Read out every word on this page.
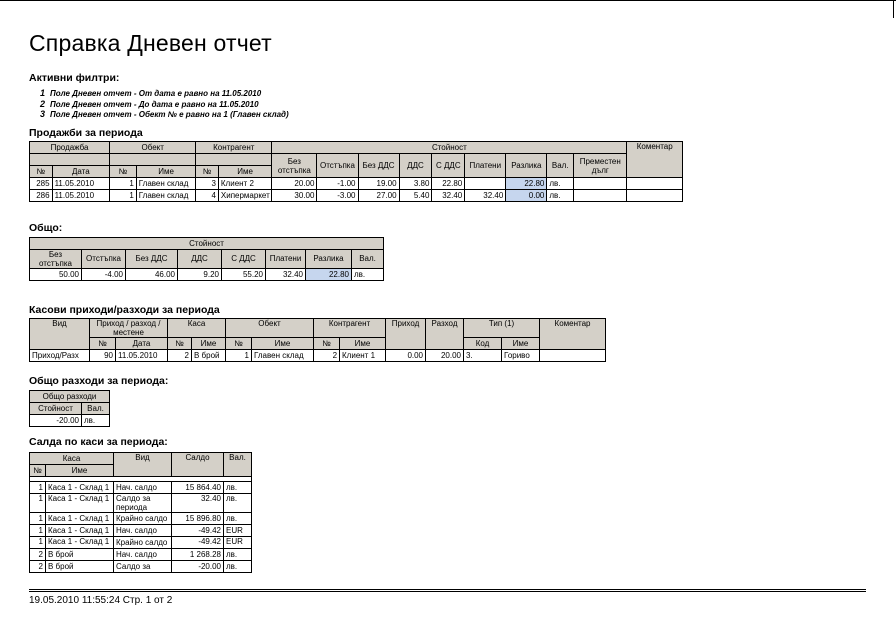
Справка Дневен отчет

Активни филтри:

1 Поле Дневен отчет - От дата е равно на 11.05.2010
2 Поле Дневен отчет - До дата е равно на 11.05.2010
3 Поле Дневен отчет - Обект № е равно на 1 (Главен склад)

Продажби за периода

Продажба		Обект		Контрагент		Стойност									Коментар
						Без отстъпка	Отстъпка	Без ДДС	ДДС	С ДДС	Платени	Разлика	Вал.	Преместен дълг	
№	Дата	№	Име	№	Име										
285	11.05.2010	1	Главен склад	3	Клиент 2	20.00	-1.00	19.00	3.80	22.80		22.80	лв.		
286	11.05.2010	1	Главен склад	4	Хипермаркет	30.00	-3.00	27.00	5.40	32.40	32.40	0.00	лв.		

Общо:

Стойност							
Без отстъпка	Отстъпка	Без ДДС	ДДС	С ДДС	Платени	Разлика	Вал.
50.00	-4.00	46.00	9.20	55.20	32.40	22.80	лв.

Касови приходи/разходи за периода

Вид	Приход / разход / местене		Каса		Обект		Контрагент		Приход	Разход	Тип (1)		Коментар
	№	Дата	№	Име	№	Име	№	Име			Код	Име	
Приход/Разх	90	11.05.2010	2	В брой	1	Главен склад	2	Клиент 1	0.00	20.00	3.	Гориво	

Общо разходи за периода:

Общо разходи	
Стойност	Вал.
-20.00	лв.

Салда по каси за периода:

Каса		Вид	Салдо	Вал.
№	Име			

1	Каса 1 - Склад 1	Нач. салдо	15 864.40	лв.
1	Каса 1 - Склад 1	Салдо за периода	32.40	лв.
1	Каса 1 - Склад 1	Крайно салдо	15 896.80	лв.
1	Каса 1 - Склад 1	Нач. салдо	-49.42	EUR
1	Каса 1 - Склад 1	Крайно салдо	-49.42	EUR
2	В брой	Нач. салдо	1 268.28	лв.
2	В брой	Салдо за	-20.00	лв.
19.05.2010 11:55:24 Стр. 1 от 2
